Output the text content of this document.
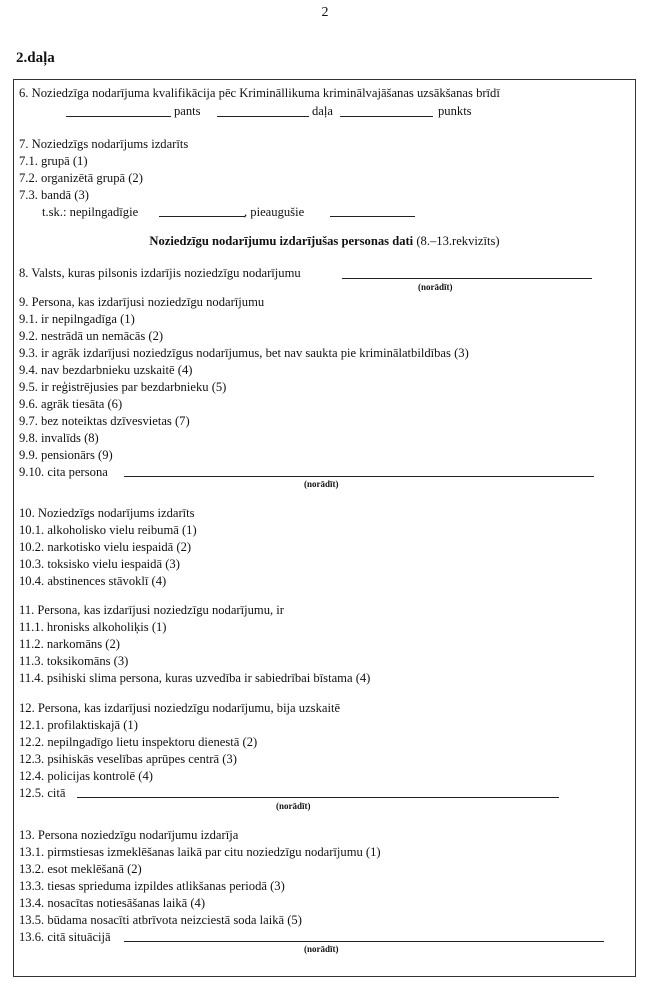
2
2.daļa
6. Noziedzīga nodarījuma kvalifikācija pēc Krimināllikuma kriminālvajāšanas uzsākšanas brīdī
pants	daļa	punkts
7. Noziedzīgs nodarījums izdarīts
7.1. grupā (1)
7.2. organizētā grupā (2)
7.3. bandā (3)
t.sk.: nepilngadīgie	, pieaugušie
Noziedzīgu nodarījumu izdarījušas personas dati (8.–13.rekvizīts)
8. Valsts, kuras pilsonis izdarījis noziedzīgu nodarījumu
(norādīt)
9. Persona, kas izdarījusi noziedzīgu nodarījumu
9.1. ir nepilngadīga (1)
9.2. nestrādā un nemācās (2)
9.3. ir agrāk izdarījusi noziedzīgus nodarījumus, bet nav saukta pie kriminālatbildības (3)
9.4. nav bezdarbnieku uzskaitē (4)
9.5. ir reģistrējusies par bezdarbnieku (5)
9.6. agrāk tiesāta (6)
9.7. bez noteiktas dzīvesvietas (7)
9.8. invalīds (8)
9.9. pensionārs (9)
9.10. cita persona
(norādīt)
10. Noziedzīgs nodarījums izdarīts
10.1. alkoholisko vielu reibumā (1)
10.2. narkotisko vielu iespaidā (2)
10.3. toksisko vielu iespaidā (3)
10.4. abstinences stāvoklī (4)
11. Persona, kas izdarījusi noziedzīgu nodarījumu, ir
11.1. hronisks alkoholiķis (1)
11.2. narkomāns (2)
11.3. toksikomāns (3)
11.4. psihiski slima persona, kuras uzvedība ir sabiedrībai bīstama (4)
12. Persona, kas izdarījusi noziedzīgu nodarījumu, bija uzskaitē
12.1. profilaktiskajā (1)
12.2. nepilngadīgo lietu inspektoru dienestā (2)
12.3. psihiskās veselības aprūpes centrā (3)
12.4. policijas kontrolē (4)
12.5. citā
(norādīt)
13. Persona noziedzīgu nodarījumu izdarīja
13.1. pirmstiesas izmeklēšanas laikā par citu noziedzīgu nodarījumu (1)
13.2. esot meklēšanā (2)
13.3. tiesas sprieduma izpildes atlikšanas periodā (3)
13.4. nosacītas notiesāšanas laikā (4)
13.5. būdama nosacīti atbrīvota neizciestā soda laikā (5)
13.6. citā situācijā
(norādīt)
